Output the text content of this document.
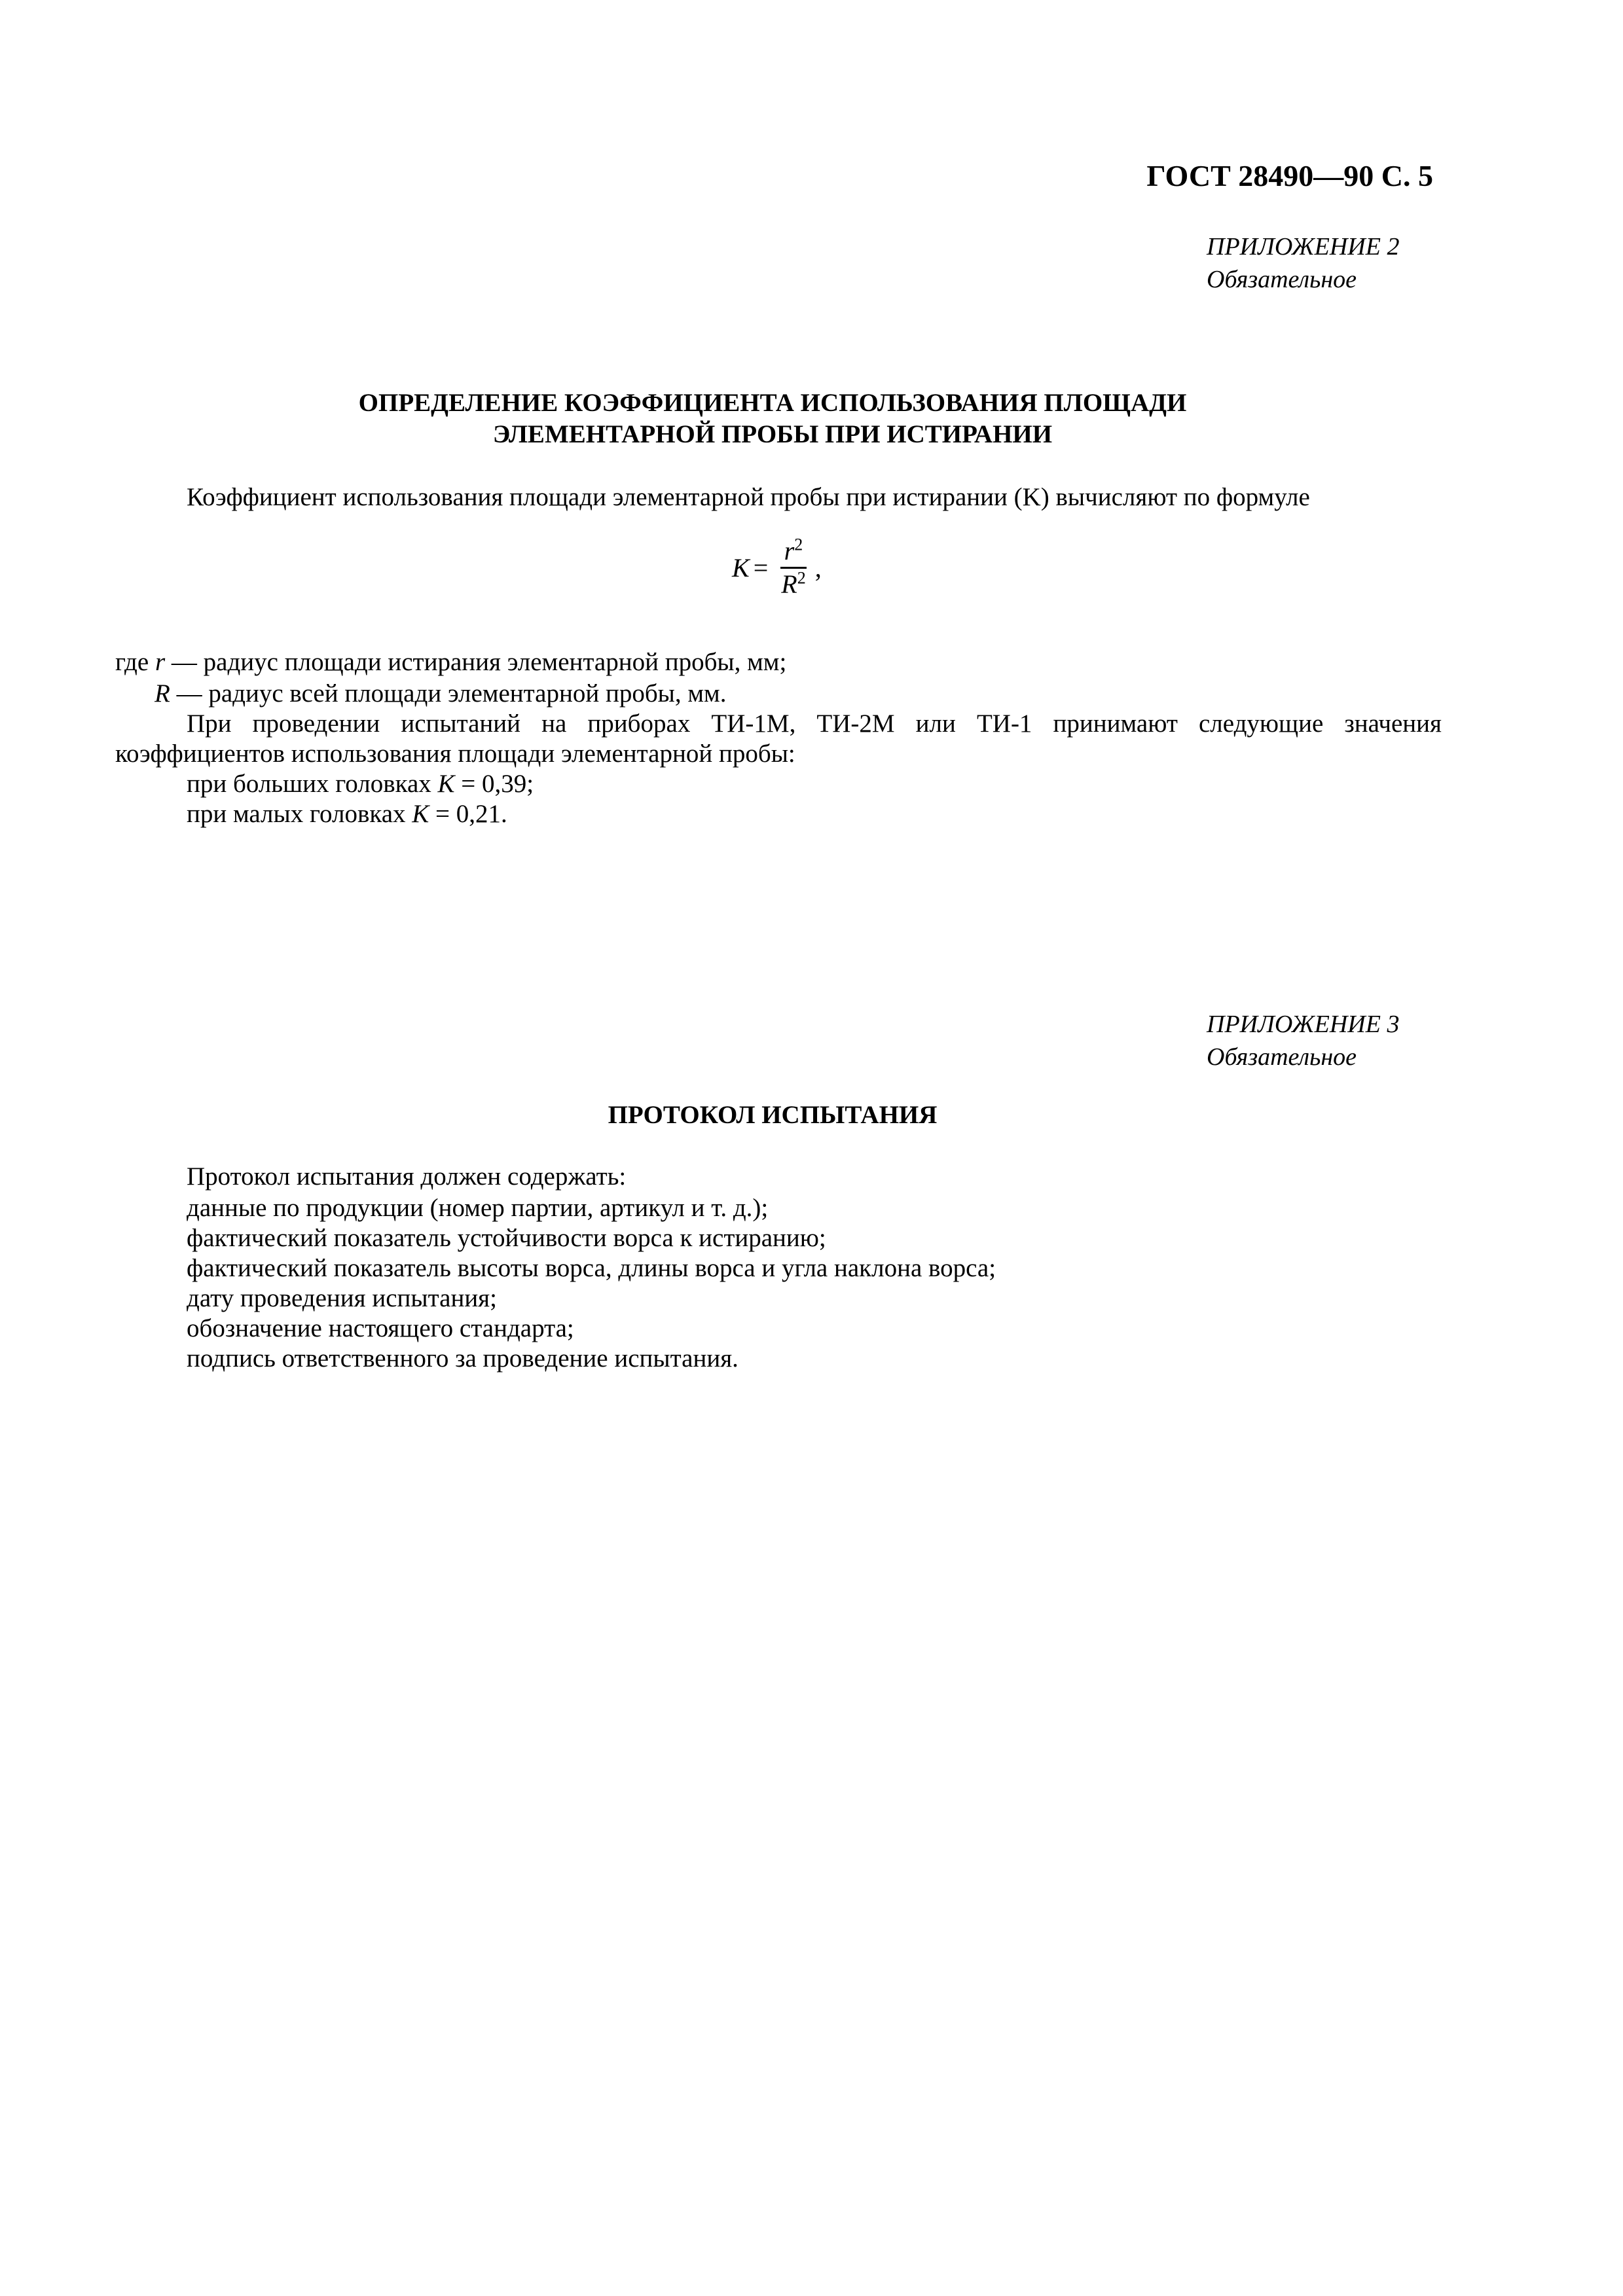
ГОСТ 28490—90 С. 5
ПРИЛОЖЕНИЕ 2
Обязательное
ОПРЕДЕЛЕНИЕ КОЭФФИЦИЕНТА ИСПОЛЬЗОВАНИЯ ПЛОЩАДИ
ЭЛЕМЕНТАРНОЙ ПРОБЫ ПРИ ИСТИРАНИИ
Коэффициент использования площади элементарной пробы при истирании (K) вычисляют по формуле
$K = \frac{r^2}{R^2}$ ,
где r — радиус площади истирания элементарной пробы, мм;
R — радиус всей площади элементарной пробы, мм.
При проведении испытаний на приборах ТИ-1М, ТИ-2М или ТИ-1 принимают следующие значения
коэффициентов использования площади элементарной пробы:
при больших головках K = 0,39;
при малых головках K = 0,21.
ПРИЛОЖЕНИЕ 3
Обязательное
ПРОТОКОЛ ИСПЫТАНИЯ
Протокол испытания должен содержать:
данные по продукции (номер партии, артикул и т. д.);
фактический показатель устойчивости ворса к истиранию;
фактический показатель высоты ворса, длины ворса и угла наклона ворса;
дату проведения испытания;
обозначение настоящего стандарта;
подпись ответственного за проведение испытания.
